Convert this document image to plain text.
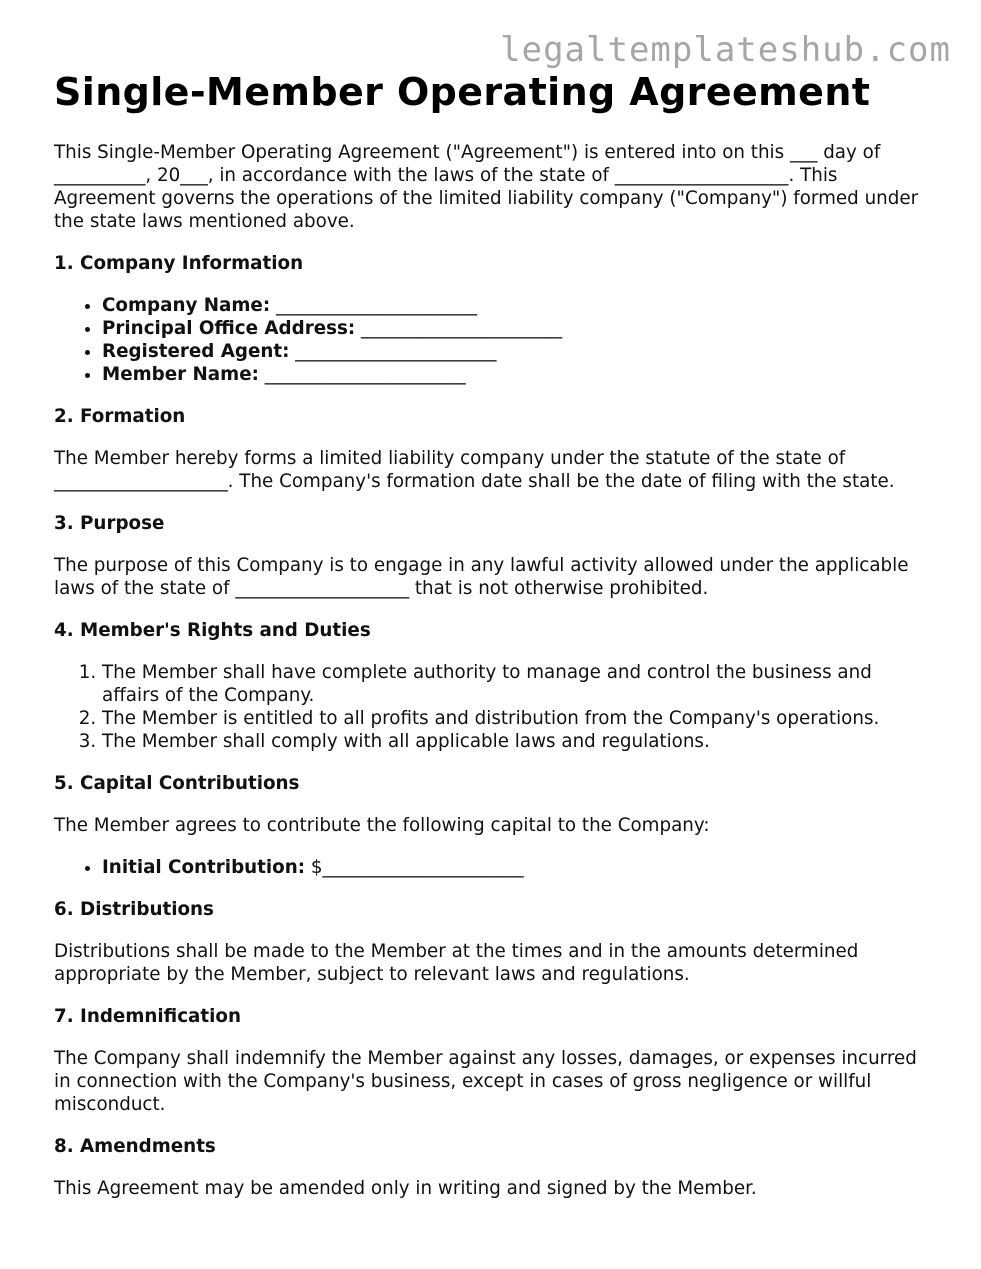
legaltemplateshub.com
Single-Member Operating Agreement

This Single-Member Operating Agreement ("Agreement") is entered into on this ___ day of __________, 20___, in accordance with the laws of the state of ___________________. This Agreement governs the operations of the limited liability company ("Company") formed under the state laws mentioned above.

1. Company Information
• Company Name: ______________________
• Principal Office Address: ______________________
• Registered Agent: ______________________
• Member Name: ______________________
2. Formation

The Member hereby forms a limited liability company under the statute of the state of ___________________. The Company's formation date shall be the date of filing with the state.

3. Purpose

The purpose of this Company is to engage in any lawful activity allowed under the applicable laws of the state of ___________________ that is not otherwise prohibited.

4. Member's Rights and Duties
1. The Member shall have complete authority to manage and control the business and affairs of the Company.
2. The Member is entitled to all profits and distribution from the Company's operations.
3. The Member shall comply with all applicable laws and regulations.
5. Capital Contributions

The Member agrees to contribute the following capital to the Company:

• Initial Contribution: $______________________
6. Distributions

Distributions shall be made to the Member at the times and in the amounts determined appropriate by the Member, subject to relevant laws and regulations.

7. Indemnification

The Company shall indemnify the Member against any losses, damages, or expenses incurred in connection with the Company's business, except in cases of gross negligence or willful misconduct.

8. Amendments

This Agreement may be amended only in writing and signed by the Member.
